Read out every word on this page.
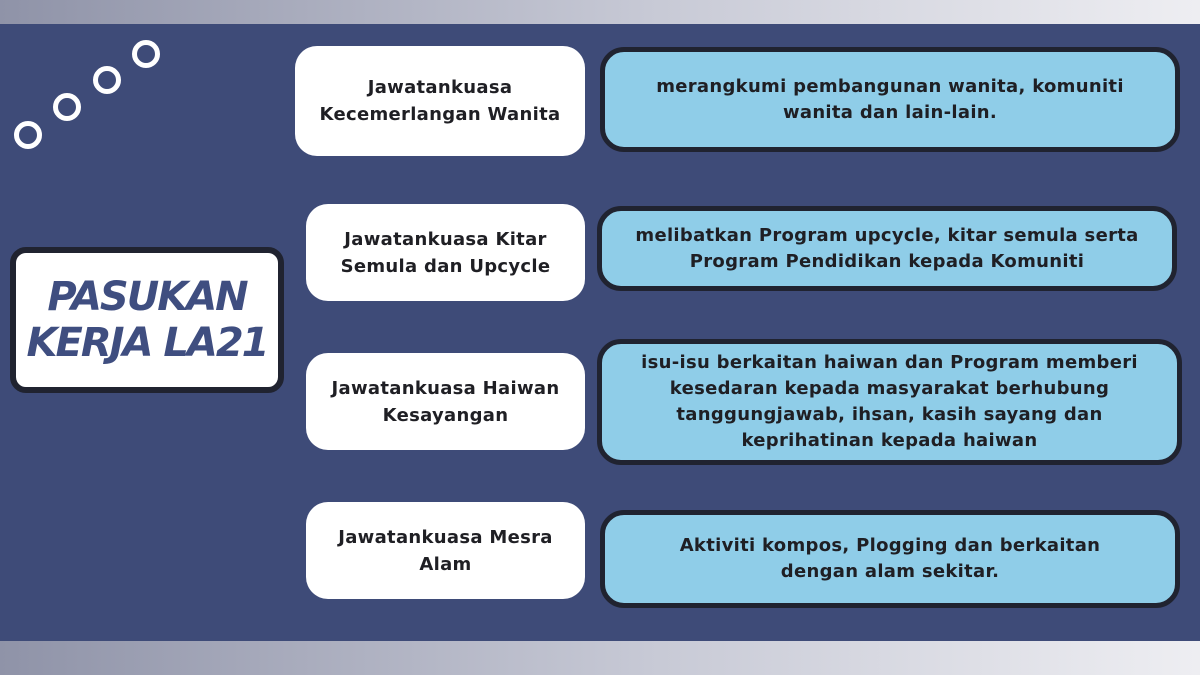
PASUKAN
KERJA LA21
Jawatankuasa Kecemerlangan Wanita
merangkumi pembangunan wanita, komuniti wanita dan lain-lain.
Jawatankuasa Kitar Semula dan Upcycle
melibatkan Program upcycle, kitar semula serta Program Pendidikan kepada Komuniti
Jawatankuasa Haiwan Kesayangan
isu-isu berkaitan haiwan dan Program memberi kesedaran kepada masyarakat berhubung tanggungjawab, ihsan, kasih sayang dan keprihatinan kepada haiwan
Jawatankuasa Mesra Alam
Aktiviti kompos, Plogging dan berkaitan dengan alam sekitar.
